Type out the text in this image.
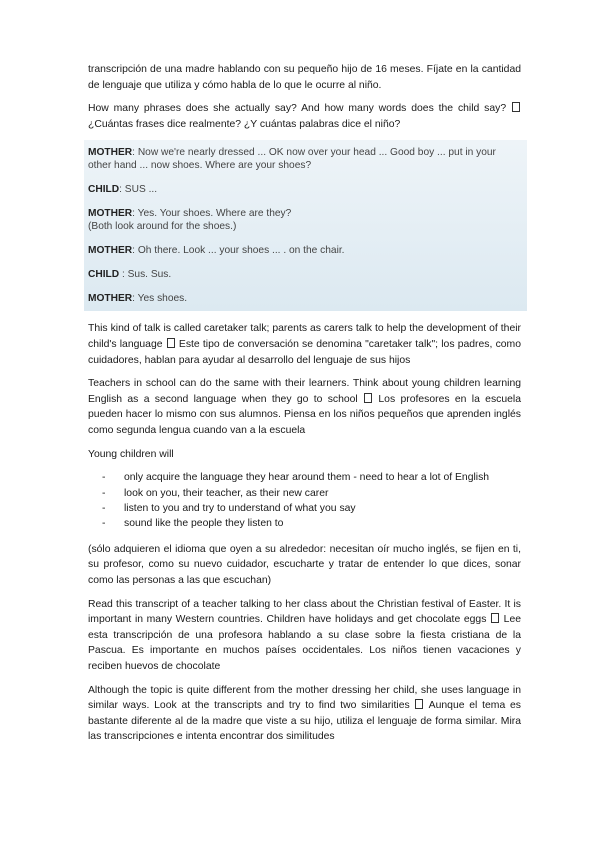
transcripción de una madre hablando con su pequeño hijo de 16 meses. Fíjate en la cantidad de lenguaje que utiliza y cómo habla de lo que le ocurre al niño.

How many phrases does she actually say? And how many words does the child say?  ¿Cuántas frases dice realmente? ¿Y cuántas palabras dice el niño?

MOTHER: Now we're nearly dressed ... OK now over your head ... Good boy ... put in your other hand ... now shoes. Where are your shoes?
CHILD: SUS ...
MOTHER: Yes. Your shoes. Where are they?
(Both look around for the shoes.)
MOTHER: Oh there. Look ... your shoes ... . on the chair.
CHILD : Sus. Sus.
MOTHER: Yes shoes.

This kind of talk is called caretaker talk; parents as carers talk to help the development of their child's language Este tipo de conversación se denomina "caretaker talk"; los padres, como cuidadores, hablan para ayudar al desarrollo del lenguaje de sus hijos

Teachers in school can do the same with their learners. Think about young children learning English as a second language when they go to school Los profesores en la escuela pueden hacer lo mismo con sus alumnos. Piensa en los niños pequeños que aprenden inglés como segunda lengua cuando van a la escuela

Young children will

- only acquire the language they hear around them - need to hear a lot of English
- look on you, their teacher, as their new carer
- listen to you and try to understand of what you say
- sound like the people they listen to

(sólo adquieren el idioma que oyen a su alrededor: necesitan oír mucho inglés, se fijen en ti, su profesor, como su nuevo cuidador, escucharte y tratar de entender lo que dices, sonar como las personas a las que escuchan)

Read this transcript of a teacher talking to her class about the Christian festival of Easter. It is important in many Western countries. Children have holidays and get chocolate eggs Lee esta transcripción de una profesora hablando a su clase sobre la fiesta cristiana de la Pascua. Es importante en muchos países occidentales. Los niños tienen vacaciones y reciben huevos de chocolate

Although the topic is quite different from the mother dressing her child, she uses language in similar ways. Look at the transcripts and try to find two similarities Aunque el tema es bastante diferente al de la madre que viste a su hijo, utiliza el lenguaje de forma similar. Mira las transcripciones e intenta encontrar dos similitudes
